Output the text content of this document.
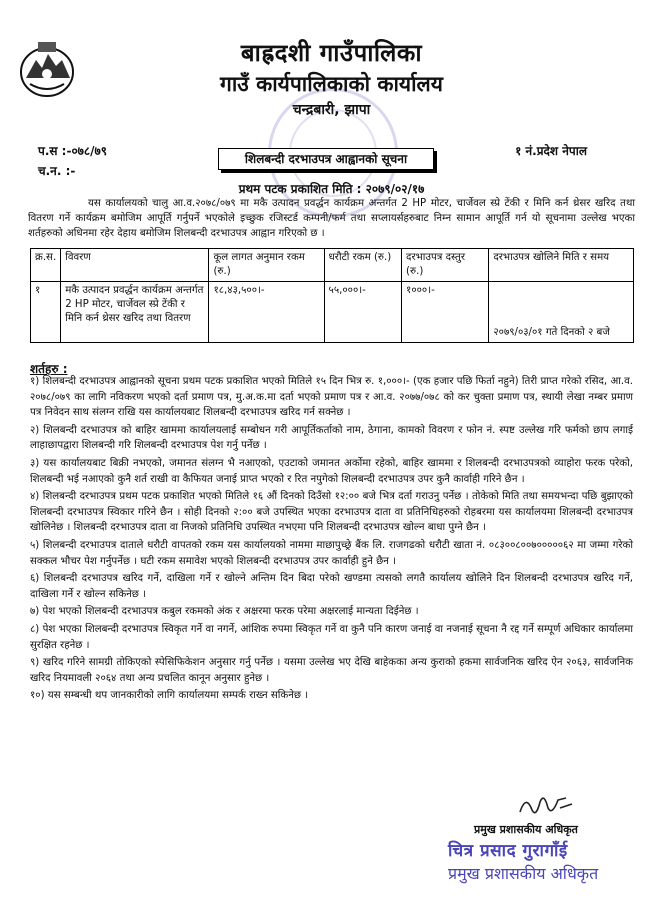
बाह्रदशी गाउँपालिका
गाउँ कार्यपालिकाको कार्यालय
चन्द्रबारी, झापा
प.स :-०७८/७९
च.न. :-
१ नं.प्रदेश नेपाल
शिलबन्दी दरभाउपत्र आह्वानको सूचना
प्रथम पटक प्रकाशित मिति : २०७९/०२/१७

यस कार्यालयको चालु आ.व.२०७८/०७९ मा मकै उत्पादन प्रवर्द्धन कार्यक्रम अन्तर्गत 2 HP मोटर, चार्जेवल स्प्रे टेंकी र मिनि कर्न थ्रेसर खरिद तथा वितरण गर्ने कार्यक्रम बमोजिम आपूर्ति गर्नुपर्ने भएकोले इच्छुक रजिस्टर्ड कम्पनी/फर्म तथा सप्लायर्सहरुबाट निम्न सामान आपूर्ति गर्न यो सूचनामा उल्लेख भएका शर्तहरुको अधिनमा रहेर देहाय बमोजिम शिलबन्दी दरभाउपत्र आह्वान गरिएको छ ।

क्र.स.	विवरण	कूल लागत अनुमान रकम (रु.)	धरौटी रकम (रु.)	दरभाउपत्र दस्तुर (रु.)	दरभाउपत्र खोलिने मिति र समय
१	मकै उत्पादन प्रवर्द्धन कार्यक्रम अन्तर्गत 2 HP मोटर, चार्जेवल स्प्रे टेंकी र मिनि कर्न थ्रेसर खरिद तथा वितरण	१८,४३,५००।-	५५,०००।-	१०००।-	२०७९/०३/०१ गते दिनको २ बजे
शर्तहरु :
१) शिलबन्दी दरभाउपत्र आह्वानको सूचना प्रथम पटक प्रकाशित भएको मितिले १५ दिन भित्र रु. १,०००।- (एक हजार पछि फिर्ता नहुने) तिरी प्राप्त गरेको रसिद, आ.व. २०७८/०७९ का लागि नविकरण भएको दर्ता प्रमाण पत्र, मु.अ.क.मा दर्ता भएको प्रमाण पत्र र आ.व. २०७७/०७८ को कर चुक्ता प्रमाण पत्र, स्थायी लेखा नम्बर प्रमाण पत्र निवेदन साथ संलग्न राखि यस कार्यालयबाट शिलबन्दी दरभाउपत्र खरिद गर्न सक्नेछ ।
२) शिलबन्दी दरभाउपत्र को बाहिर खाममा कार्यालयलाई सम्बोधन गरी आपूर्तिकर्ताको नाम, ठेगाना, कामको विवरण र फोन नं. स्पष्ट उल्लेख गरि फर्मको छाप लगाई लाहाछापद्वारा शिलबन्दी गरि शिलबन्दी दरभाउपत्र पेश गर्नु पर्नेछ ।
३) यस कार्यालयबाट बिक्री नभएको, जमानत संलग्न भै नआएको, एउटाको जमानत अर्कोमा रहेको, बाहिर खाममा र शिलबन्दी दरभाउपत्रको व्याहोरा फरक परेको, शिलबन्दी भई नआएको कुनै शर्त राखी वा कैफियत जनाई प्राप्त भएको र रित नपुगेको शिलबन्दी दरभाउपत्र उपर कुनै कार्वाही गरिने छैन ।
४) शिलबन्दी दरभाउपत्र प्रथम पटक प्रकाशित भएको मितिले १६ औं दिनको दिउँसो १२:०० बजे भित्र दर्ता गराउनु पर्नेछ । तोकेको मिति तथा समयभन्दा पछि बुझाएको शिलबन्दी दरभाउपत्र स्विकार गरिने छैन । सोही दिनको २:०० बजे उपस्थित भएका दरभाउपत्र दाता वा प्रतिनिधिहरुको रोहबरमा यस कार्यालयमा शिलबन्दी दरभाउपत्र खोलिनेछ । शिलबन्दी दरभाउपत्र दाता वा निजको प्रतिनिधि उपस्थित नभएमा पनि शिलबन्दी दरभाउपत्र खोल्न बाधा पुग्ने छैन ।
५) शिलबन्दी दरभाउपत्र दाताले धरौटी वापतको रकम यस कार्यालयको नाममा माछापुच्छ्रे बैंक लि. राजगढको धरौटी खाता नं. ०८३००८००७०००००६२ मा जम्मा गरेको सक्कल भौचर पेश गर्नुपर्नेछ । घटी रकम समावेश भएको शिलबन्दी दरभाउपत्र उपर कार्वाही हुने छैन ।
६) शिलबन्दी दरभाउपत्र खरिद गर्ने, दाखिला गर्ने र खोल्ने अन्तिम दिन बिदा परेको खण्डमा त्यसको लगतै कार्यालय खोलिने दिन शिलबन्दी दरभाउपत्र खरिद गर्ने, दाखिला गर्ने र खोल्न सकिनेछ ।
७) पेश भएको शिलबन्दी दरभाउपत्र कबुल रकमको अंक र अक्षरमा फरक परेमा अक्षरलाई मान्यता दिईनेछ ।
८) पेश भएका शिलबन्दी दरभाउपत्र स्विकृत गर्ने वा नगर्ने, आंशिक रुपमा स्विकृत गर्ने वा कुनै पनि कारण जनाई वा नजनाई सूचना नै रद्द गर्ने सम्पूर्ण अधिकार कार्यालमा सुरक्षित रहनेछ ।
९) खरिद गरिने सामग्री तोकिएको स्पेसिफिकेशन अनुसार गर्नु पर्नेछ । यसमा उल्लेख भए देखि बाहेकका अन्य कुराको हकमा सार्वजनिक खरिद ऐन २०६३, सार्वजनिक खरिद नियमावली २०६४ तथा अन्य प्रचलित कानून अनुसार हुनेछ ।
१०) यस सम्बन्धी थप जानकारीको लागि कार्यालयमा सम्पर्क राख्न सकिनेछ ।
प्रमुख प्रशासकीय अधिकृत
चित्र प्रसाद गुरागाँई
प्रमुख प्रशासकीय अधिकृत
